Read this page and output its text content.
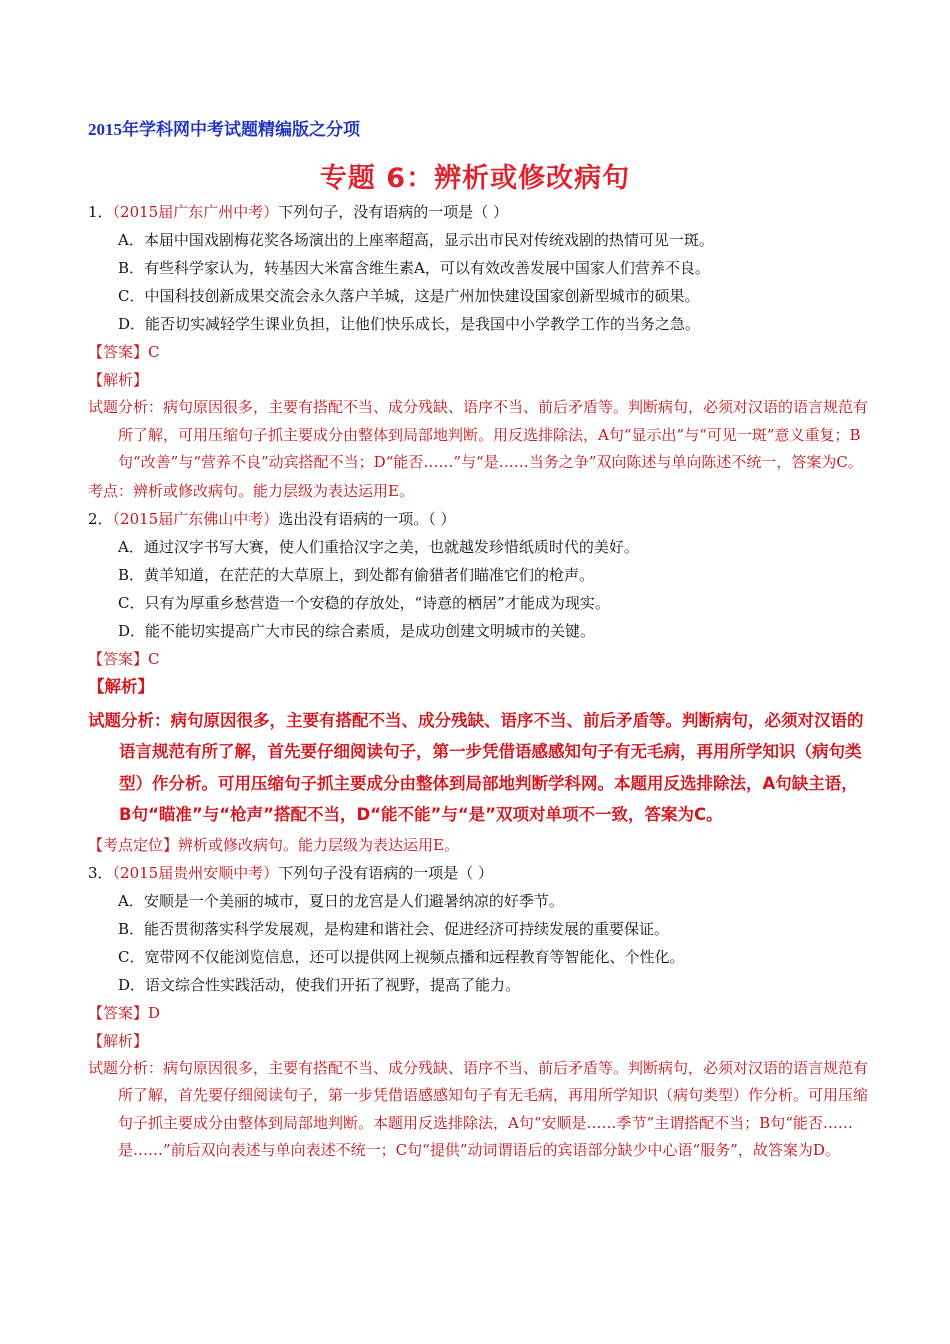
2015年学科网中考试题精编版之分项
专题 6：辨析或修改病句
1．（2015届广东广州中考）下列句子，没有语病的一项是（ ）
A．本届中国戏剧梅花奖各场演出的上座率超高，显示出市民对传统戏剧的热情可见一斑。
B．有些科学家认为，转基因大米富含维生素A，可以有效改善发展中国家人们营养不良。
C．中国科技创新成果交流会永久落户羊城，这是广州加快建设国家创新型城市的硕果。
D．能否切实减轻学生课业负担，让他们快乐成长，是我国中小学教学工作的当务之急。
【答案】C
【解析】
试题分析：病句原因很多，主要有搭配不当、成分残缺、语序不当、前后矛盾等。判断病句，必须对汉语的语言规范有所了解，可用压缩句子抓主要成分由整体到局部地判断。用反选排除法，A句“显示出”与“可见一斑”意义重复；B句“改善”与“营养不良”动宾搭配不当；D“能否……”与“是……当务之争”双向陈述与单向陈述不统一，答案为C。
考点：辨析或修改病句。能力层级为表达运用E。
2．（2015届广东佛山中考）选出没有语病的一项。（ ）
A．通过汉字书写大赛，使人们重拾汉字之美，也就越发珍惜纸质时代的美好。
B．黄羊知道，在茫茫的大草原上，到处都有偷猎者们瞄准它们的枪声。
C．只有为厚重乡愁营造一个安稳的存放处，“诗意的栖居”才能成为现实。
D．能不能切实提高广大市民的综合素质，是成功创建文明城市的关键。
【答案】C
【解析】
试题分析：病句原因很多，主要有搭配不当、成分残缺、语序不当、前后矛盾等。判断病句，必须对汉语的语言规范有所了解，首先要仔细阅读句子，第一步凭借语感感知句子有无毛病，再用所学知识（病句类型）作分析。可用压缩句子抓主要成分由整体到局部地判断学科网。本题用反选排除法，A句缺主语，B句“瞄准”与“枪声”搭配不当，D“能不能”与“是”双项对单项不一致，答案为C。
【考点定位】辨析或修改病句。能力层级为表达运用E。
3．（2015届贵州安顺中考）下列句子没有语病的一项是（ ）
A．安顺是一个美丽的城市，夏日的龙宫是人们避暑纳凉的好季节。
B．能否贯彻落实科学发展观，是构建和谐社会、促进经济可持续发展的重要保证。
C．宽带网不仅能浏览信息，还可以提供网上视频点播和远程教育等智能化、个性化。
D．语文综合性实践活动，使我们开拓了视野，提高了能力。
【答案】D
【解析】
试题分析：病句原因很多，主要有搭配不当、成分残缺、语序不当、前后矛盾等。判断病句，必须对汉语的语言规范有所了解，首先要仔细阅读句子，第一步凭借语感感知句子有无毛病，再用所学知识（病句类型）作分析。可用压缩句子抓主要成分由整体到局部地判断。本题用反选排除法，A句“安顺是……季节”主谓搭配不当；B句“能否……是……”前后双向表述与单向表述不统一；C句“提供”动词谓语后的宾语部分缺少中心语“服务”，故答案为D。
